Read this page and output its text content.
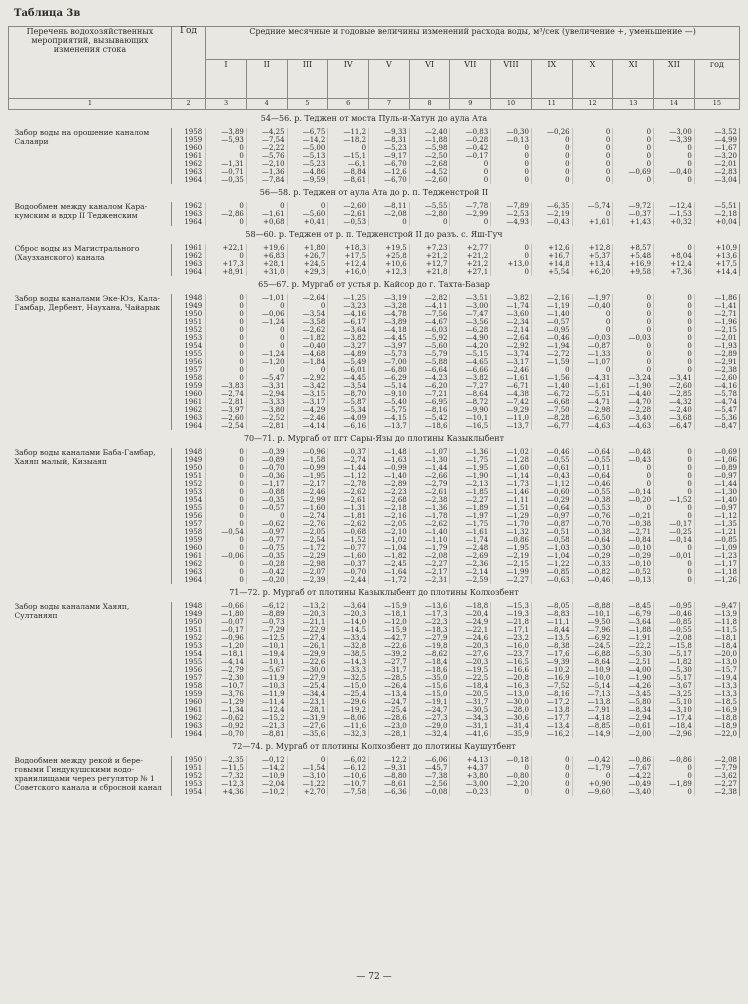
Таблица 3в
Перечень водохозяйственных мероприятий, вызывающих изменения стока	Год	Средние месячные и годовые величины изменений расхода воды, м³/сек (увеличение +, уменьшение —)												
		I	II	III	IV	V	VI	VII	VIII	IX	X	XI	XII	год
1	2	3	4	5	6	7	8	9	10	11	12	13	14	15

54—56. р. Теджен от моста Пуль-и-Хатун до аула Ата														
Забор воды на орошение каналом Салаяри	1958	—3,89	—4,25	—6,75	—11,2	—9,33	—2,40	—0,83	—0,30	—0,26	0	0	—3,00	—3,52
	1959	—5,93	—7,54	—14,2	—18,2	—8,31	—1,88	—0,28	—0,13	0	0	0	—3,39	—4,99
	1960	0	—2,22	—5,00	0	—5,23	—5,98	—0,42	0	0	0	0	0	—1,67
	1961	0	—5,76	—5,13	—15,1	—9,17	—2,50	—0,17	0	0	0	0	0	—3,20
	1962	—1,31	—2,10	—5,23	—6,1	—6,70	—2,68	0	0	0	0	0	0	—2,01
	1963	—0,71	—1,36	—4,86	—8,84	—12,6	—4,52	0	0	0	0	—0,69	—0,40	—2,83
	1964	—0,35	—7,84	—9,59	—8,61	—6,70	—2,60	0	0	0	0	0	0	—3,04

56—58. р. Теджен от аула Ата до р. п. Тедженстрой II														
Водообмен между каналом Каракумским и вдхр II Тедженским	1962	0	0	0	—2,60	—8,11	—5,55	—7,78	—7,89	—6,35	—5,74	—9,72	—12,4	—5,51
	1963	—2,86	—1,61	—5,60	—2,61	—2,08	—2,80	—2,99	—2,53	—2,19	0	—0,37	—1,53	—2,18
	1964	0	+0,68	+0,41	—0,53	0	0	0	—4,93	—0,43	+1,61	+1,43	+0,32	+0,04

58—60. р. Теджен от р. п. Тедженстрой II до разъ. с. Яш-Гуч														
Сброс воды из Магистрального (Хаузханского) канала	1961	+22,1	+19,6	+1,80	+18,3	+19,5	+7,23	+2,77	0	+12,6	+12,8	+8,57	0	+10,9
	1962	0	+6,83	+26,7	+17,5	+25,8	+21,2	+21,2	0	+16,7	+5,37	+5,48	+8,04	+13,6
	1963	+17,3	+28,1	+24,5	+12,4	+10,6	+12,7	+21,2	+13,0	+14,8	+13,4	+16,9	+12,4	+17,5
	1964	+8,91	+31,0	+29,3	+16,0	+12,3	+21,8	+27,1	0	+5,54	+6,20	+9,58	+7,36	+14,4

65—67. р. Мургаб от устья р. Кайсор до г. Тахта-Базар														
Забор воды каналами Эке-Юз, Кала-Гамбар, Дербент, Наухана, Чайарык	1948	0	—1,01	—2,64	—1,25	—3,19	—2,82	—3,51	—3,82	—2,16	—1,97	0	0	—1,86
	1949	0	0	0	—3,23	—3,28	—4,11	—3,00	—1,74	—1,19	—0,40	0	0	—1,41
	1950	0	—0,06	—3,54	—4,16	—4,78	—7,56	—7,47	—3,60	—1,40	0	0	0	—2,71
	1951	0	—1,24	—3,58	—6,17	—3,89	—4,67	—3,56	—2,34	—0,57	0	0	0	—1,96
	1952	0	0	—2,62	—3,64	—4,18	—6,03	—6,28	—2,14	—0,95	0	0	0	—2,15
	1953	0	0	—1,82	—3,82	—4,45	—5,92	—4,90	—2,64	—0,46	—0,03	—0,03	0	—2,01
	1954	0	0	—0,40	—3,27	—3,97	—5,60	—4,20	—2,92	—1,94	—0,87	0	0	—1,93
	1955	0	—1,24	—4,68	—4,89	—5,73	—5,79	—5,15	—3,74	—2,72	—1,33	0	0	—2,89
	1956	0	—1,20	—1,84	—5,49	—7,00	—5,88	—4,65	—3,17	—1,59	—1,07	0	0	—2,91
	1957	0	0	0	—6,01	—6,80	—6,64	—6,66	—2,46	0	0	0	0	—2,38
	1958	0	—5,47	—2,92	—4,45	—6,29	—4,23	—3,82	—1,61	—1,56	—4,31	—3,24	—3,41	—2,60
	1959	—3,83	—3,31	—3,42	—3,54	—5,14	—6,20	—7,27	—6,71	—1,40	—1,61	—1,90	—2,60	—4,16
	1960	—2,74	—2,94	—3,15	—8,70	—9,10	—7,21	—8,64	—4,38	—6,72	—5,51	—4,40	—2,85	—5,78
	1961	—2,81	—3,33	—3,17	—5,87	—5,40	—6,95	—8,72	—7,42	—6,68	—4,71	—4,70	—4,32	—4,74
	1962	—3,97	—3,80	—4,29	—5,34	—5,75	—8,16	—9,90	—9,29	—7,50	—2,98	—2,28	—2,40	—5,47
	1963	—2,60	—2,52	—2,46	—4,09	—4,15	—5,42	—10,1	—11,0	—8,28	—6,50	—3,40	—3,68	—5,36
	1964	—2,54	—2,81	—4,14	—6,16	—13,7	—18,6	—16,5	—13,7	—6,77	—4,63	—4,63	—6,47	—8,47

70—71. р. Мургаб от пгт Сары-Язы до плотины Казыклыбент														
Забор воды каналами Баба-Гамбар, Хаяяп малый, Кизыаяп	1948	0	—0,39	—0,96	—0,37	—1,48	—1,07	—1,36	—1,02	—0,46	—0,64	—0,48	0	—0,69
	1949	0	—0,89	—1,58	—2,74	—1,63	—1,30	—1,75	—1,28	—0,55	—0,55	—0,43	0	—1,06
	1950	0	—0,70	—0,99	—1,44	—0,99	—1,44	—1,95	—1,60	—0,61	—0,11	0	0	—0,89
	1951	0	—0,36	—1,95	—1,12	—1,40	—2,66	—1,90	—1,14	—0,43	—0,64	0	0	—0,97
	1952	0	—1,17	—2,17	—2,78	—2,89	—2,79	—2,13	—1,73	—1,12	—0,46	0	0	—1,44
	1953	0	—0,88	—2,46	—2,62	—2,23	—2,61	—1,85	—1,46	—0,60	—0,55	—0,14	0	—1,30
	1954	0	—0,35	—2,99	—2,61	—2,68	—2,38	—2,27	—1,11	—0,29	—0,38	—0,20	—1,52	—1,40
	1955	0	—0,57	—1,60	—1,31	—2,18	—1,36	—1,89	—1,51	—0,64	—0,53	0	0	—0,97
	1956	0	0	—2,74	—1,81	—2,16	—1,78	—1,97	—1,29	—0,97	—0,76	—0,21	0	—1,12
	1957	0	—0,62	—2,76	—2,62	—2,05	—2,62	—1,75	—1,70	—0,87	—0,70	—0,38	—0,17	—1,35
	1958	—0,54	—0,97	—2,05	—0,68	—2,10	—1,40	—1,61	—1,32	—0,51	—0,38	—2,71	—0,25	—1,21
	1959	0	—0,77	—2,54	—1,52	—1,02	—1,10	—1,74	—0,86	—0,58	—0,64	—0,84	—0,14	—0,85
	1960	0	—0,75	—1,72	—0,77	—1,04	—1,79	—2,48	—1,95	—1,03	—0,30	—0,10	0	—1,09
	1961	—0,06	—0,35	—2,29	—1,60	—1,82	—2,08	—2,69	—2,19	—1,04	—0,29	—0,29	—0,01	—1,23
	1962	0	—0,28	—2,98	—0,37	—2,45	—2,27	—2,36	—2,15	—1,22	—0,33	—0,10	0	—1,17
	1963	0	—0,42	—2,07	—0,70	—1,64	—2,17	—2,14	—1,99	—0,85	—0,82	—0,52	0	—1,18
	1964	0	—0,20	—2,39	—2,44	—1,72	—2,31	—2,59	—2,27	—0,63	—0,46	—0,13	0	—1,26

71—72. р. Мургаб от плотины Казыклыбент до плотины Колхозбент														
Забор воды каналами Хаяяп, Султаняяп	1948	—0,66	—6,12	—13,2	—3,64	—15,9	—13,6	—18,8	—15,3	—8,05	—8,88	—8,45	—0,95	—9,47
	1949	—1,80	—8,89	—20,3	—20,3	—18,1	—17,3	—20,4	—19,3	—8,83	—10,1	—6,79	—0,46	—13,9
	1950	—0,07	—0,73	—21,1	—14,0	—12,0	—22,3	—24,9	—21,8	—11,1	—9,50	—3,64	—0,85	—11,8
	1951	—0,17	—7,29	—22,9	—14,5	—15,9	—18,3	—22,1	—17,1	—8,44	—7,96	—1,88	—0,55	—11,5
	1952	—0,96	—12,5	—27,4	—33,4	—42,7	—27,9	—24,6	—23,2	—13,5	—6,92	—1,91	—2,08	—18,1
	1953	—1,20	—10,1	—26,1	—32,8	—22,6	—19,8	—20,3	—16,0	—8,38	—24,5	—22,2	—15,8	—18,4
	1954	—18,1	—19,4	—29,9	—38,5	—39,2	—8,62	—27,6	—23,7	—17,6	—6,88	—5,30	—5,17	—20,0
	1955	—4,14	—10,1	—22,6	—14,3	—27,7	—18,4	—20,3	—16,5	—9,39	—8,64	—2,51	—1,82	—13,0
	1956	—2,79	—5,67	—30,0	—33,3	—31,7	—18,6	—19,5	—16,6	—10,2	—10,9	—4,00	—5,30	—15,7
	1957	—2,30	—11,9	—27,9	—32,5	—28,5	—35,0	—22,5	—20,8	—16,9	—10,0	—1,90	—5,17	—19,4
	1958	—10,7	—10,3	—25,4	—15,0	—26,4	—15,6	—18,4	—16,3	—7,52	—5,14	—4,26	—3,67	—13,3
	1959	—3,76	—11,9	—34,4	—25,4	—13,4	—15,0	—20,5	—13,0	—8,16	—7,13	—3,45	—3,25	—13,3
	1960	—1,29	—11,4	—23,1	—29,6	—24,7	—19,1	—31,7	—30,0	—17,2	—13,8	—5,80	—5,10	—18,5
	1961	—1,34	—12,4	—28,1	—19,2	—25,4	—24,7	—30,5	—28,0	—13,8	—7,91	—8,34	—3,10	—16,9
	1962	—0,62	—15,2	—31,9	—8,06	—28,6	—27,3	—34,3	—30,6	—17,7	—4,18	—2,94	—17,4	—18,8
	1963	—0,92	—21,3	—27,6	—11,6	—23,0	—29,0	—31,1	—31,4	—13,4	—8,85	—0,61	—18,4	—18,9
	1964	—0,70	—8,81	—35,6	—32,3	—28,1	—32,4	—41,6	—35,9	—16,2	—14,9	—2,00	—2,96	—22,0

72—74. р. Мургаб от плотины Колхозбент до плотины Каушутбент														
Водообмен между рекой и береговыми Гиндукушскими водохранилищами через регулятор № 1 Советского канала и сбросной канал	1950	—2,35	—0,12	0	—6,02	—12,2	—6,06	+4,13	—0,18	0	—0,42	—0,86	—0,86	—2,08
	1951	—11,5	—14,2	—1,54	—6,12	—9,31	—45,7	+4,37	0	0	—1,79	—7,67	0	—7,79
	1952	—7,32	—10,9	—3,10	—10,6	—8,80	—7,38	+3,80	—0,80	0	0	—4,22	0	—3,62
	1953	—12,3	—2,04	—1,22	—10,7	—8,61	—2,56	—3,00	—2,20	0	+0,90	—0,49	—1,89	—2,27
	1954	+4,36	—10,2	+2,70	—7,58	—6,36	—0,08	—0,23	0	0	—9,60	—3,40	0	—2,38
— 72 —
